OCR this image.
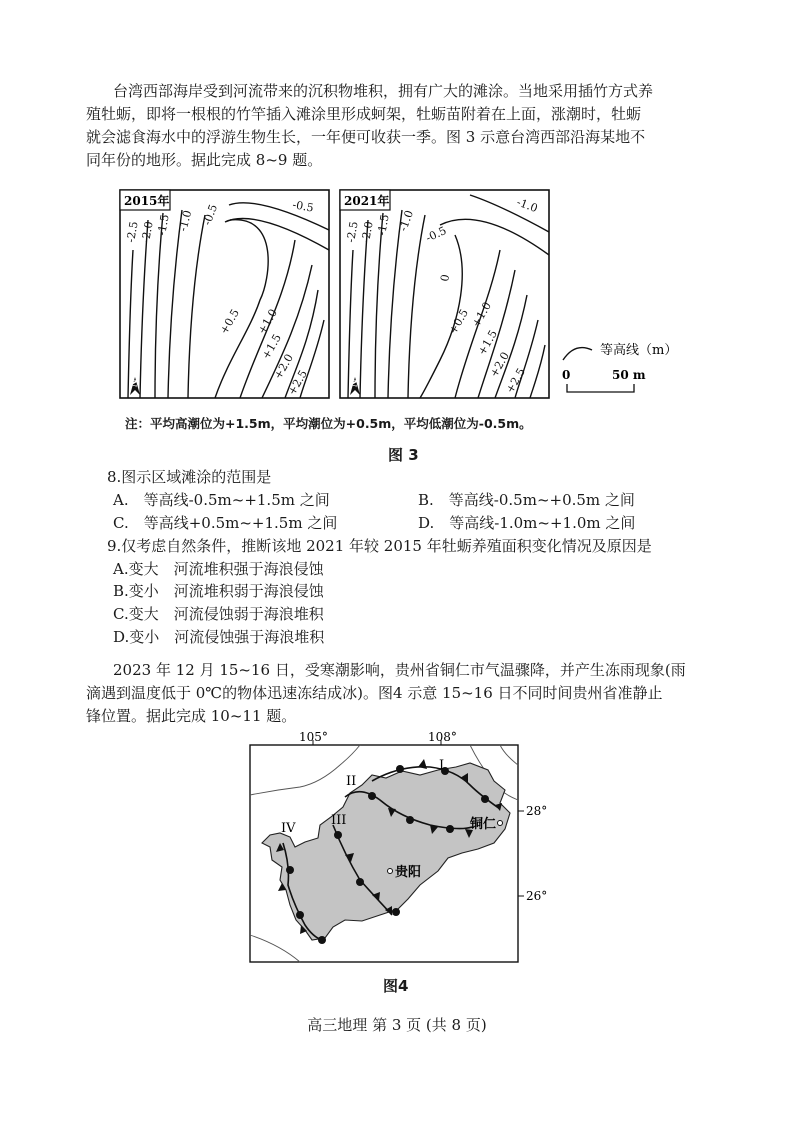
台湾西部海岸受到河流带来的沉积物堆积，拥有广大的滩涂。当地采用插竹方式养
殖牡蛎，即将一根根的竹竿插入滩涂里形成蚵架，牡蛎苗附着在上面，涨潮时，牡蛎
就会滤食海水中的浮游生物生长，一年便可收获一季。图 3 示意台湾西部沿海某地不
同年份的地形。据此完成 8~9 题。
2015年
-2.5
-2.0 -1.5 -1.0 -0.5	-0.5
+0.5 +1.0
+1.5
+2.0
+2.5
N
2021年
-2.5
-2.0 -1.5 -1.0
-1.0
-0.5
0
+0.5
+1.0
+1.5
+2.0
+2.5
N
等高线（m）
0	50 m
注：平均高潮位为+1.5m，平均潮位为+0.5m，平均低潮位为-0.5m。
图 3
8.图示区域滩涂的范围是
A.　等高线-0.5m~+1.5m 之间	B.　等高线-0.5m~+0.5m 之间
C.　等高线+0.5m~+1.5m 之间	D.　等高线-1.0m~+1.0m 之间
9.仅考虑自然条件，推断该地 2021 年较 2015 年牡蛎养殖面积变化情况及原因是
A.变大　河流堆积强于海浪侵蚀
B.变小　河流堆积弱于海浪侵蚀
C.变大　河流侵蚀弱于海浪堆积
D.变小　河流侵蚀强于海浪堆积
2023 年 12 月 15~16 日，受寒潮影响，贵州省铜仁市气温骤降，并产生冻雨现象(雨
滴遇到温度低于 0℃的物体迅速冻结成冰)。图4 示意 15~16 日不同时间贵州省准静止
锋位置。据此完成 10~11 题。
105°	108°
28°
26°
I
II
III
IV	铜仁
贵阳
图4
高三地理 第 3 页 (共 8 页)
